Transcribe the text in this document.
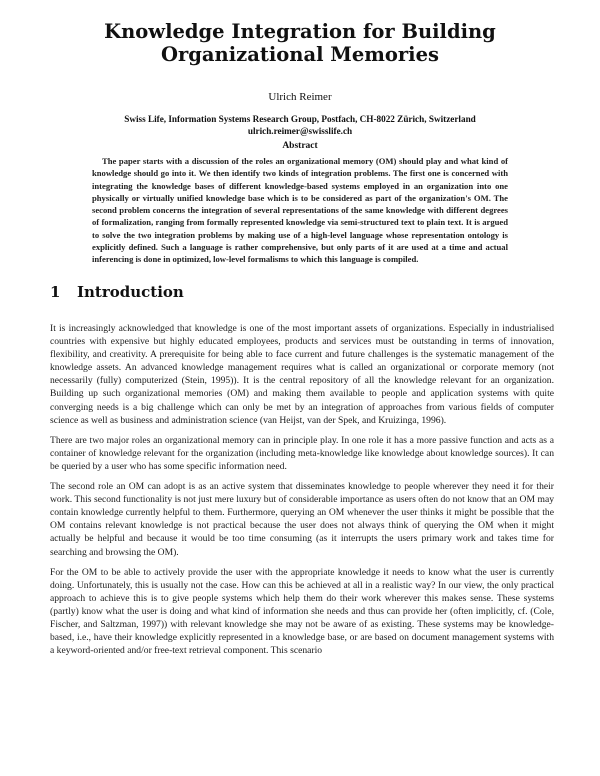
Knowledge Integration for Building Organizational Memories
Ulrich Reimer
Swiss Life, Information Systems Research Group, Postfach, CH-8022 Zürich, Switzerland
ulrich.reimer@swisslife.ch
Abstract
The paper starts with a discussion of the roles an organizational memory (OM) should play and what kind of knowledge should go into it. We then identify two kinds of integration problems. The first one is concerned with integrating the knowledge bases of different knowledge-based systems employed in an organization into one physically or virtually unified knowledge base which is to be considered as part of the organization's OM. The second problem concerns the integration of several representations of the same knowledge with different degrees of formalization, ranging from formally represented knowledge via semi-structured text to plain text. It is argued to solve the two integration problems by making use of a high-level language whose representation ontology is explicitly defined. Such a language is rather comprehensive, but only parts of it are used at a time and actual inferencing is done in optimized, low-level formalisms to which this language is compiled.
1 Introduction

It is increasingly acknowledged that knowledge is one of the most important assets of organizations. Especially in industrialised countries with expensive but highly educated employees, products and services must be outstanding in terms of innovation, flexibility, and creativity. A prerequisite for being able to face current and future challenges is the systematic management of the knowledge assets. An advanced knowledge management requires what is called an organizational or corporate memory (not necessarily (fully) computerized (Stein, 1995)). It is the central repository of all the knowledge relevant for an organization. Building up such organizational memories (OM) and making them available to people and application systems with quite converging needs is a big challenge which can only be met by an integration of approaches from various fields of computer science as well as business and administration science (van Heijst, van der Spek, and Kruizinga, 1996).

There are two major roles an organizational memory can in principle play. In one role it has a more passive function and acts as a container of knowledge relevant for the organization (including meta-knowledge like knowledge about knowledge sources). It can be queried by a user who has some specific information need.

The second role an OM can adopt is as an active system that disseminates knowledge to people wherever they need it for their work. This second functionality is not just mere luxury but of considerable importance as users often do not know that an OM may contain knowledge currently helpful to them. Furthermore, querying an OM whenever the user thinks it might be possible that the OM contains relevant knowledge is not practical because the user does not always think of querying the OM when it might actually be helpful and because it would be too time consuming (as it interrupts the users primary work and takes time for searching and browsing the OM).

For the OM to be able to actively provide the user with the appropriate knowledge it needs to know what the user is currently doing. Unfortunately, this is usually not the case. How can this be achieved at all in a realistic way? In our view, the only practical approach to achieve this is to give people systems which help them do their work wherever this makes sense. These systems (partly) know what the user is doing and what kind of information she needs and thus can provide her (often implicitly, cf. (Cole, Fischer, and Saltzman, 1997)) with relevant knowledge she may not be aware of as existing. These systems may be knowledge-based, i.e., have their knowledge explicitly represented in a knowledge base, or are based on document management systems with a keyword-oriented and/or free-text retrieval component. This scenario
